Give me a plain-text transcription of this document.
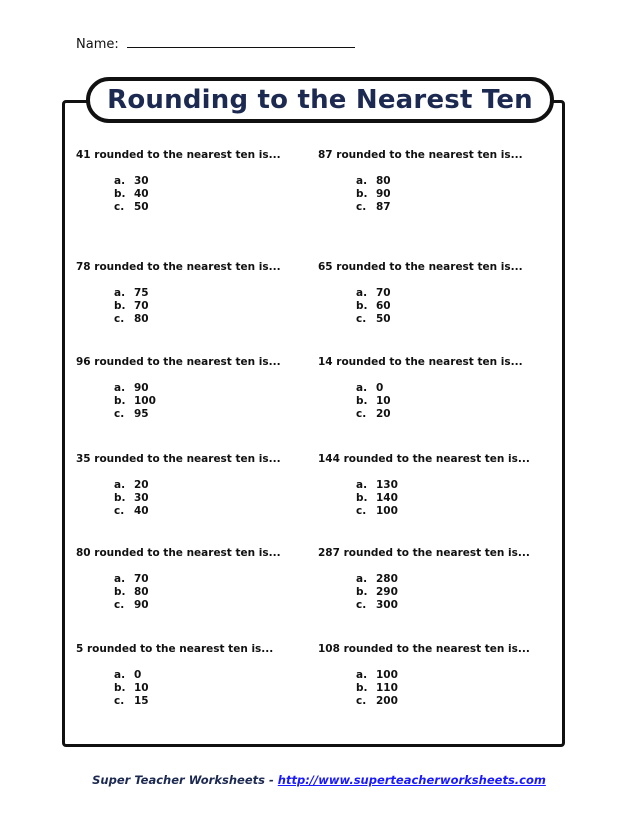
Name:
Rounding to the Nearest Ten
41 rounded to the nearest ten is...
a. 30
b. 40
c. 50
78 rounded to the nearest ten is...
a. 75
b. 70
c. 80
96 rounded to the nearest ten is...
a. 90
b. 100
c. 95
35 rounded to the nearest ten is...
a. 20
b. 30
c. 40
80 rounded to the nearest ten is...
a. 70
b. 80
c. 90
5 rounded to the nearest ten is...
a. 0
b. 10
c. 15
87 rounded to the nearest ten is...
a. 80
b. 90
c. 87
65 rounded to the nearest ten is...
a. 70
b. 60
c. 50
14 rounded to the nearest ten is...
a. 0
b. 10
c. 20
144 rounded to the nearest ten is...
a. 130
b. 140
c. 100
287 rounded to the nearest ten is...
a. 280
b. 290
c. 300
108 rounded to the nearest ten is...
a. 100
b. 110
c. 200
Super Teacher Worksheets - http://www.superteacherworksheets.com
